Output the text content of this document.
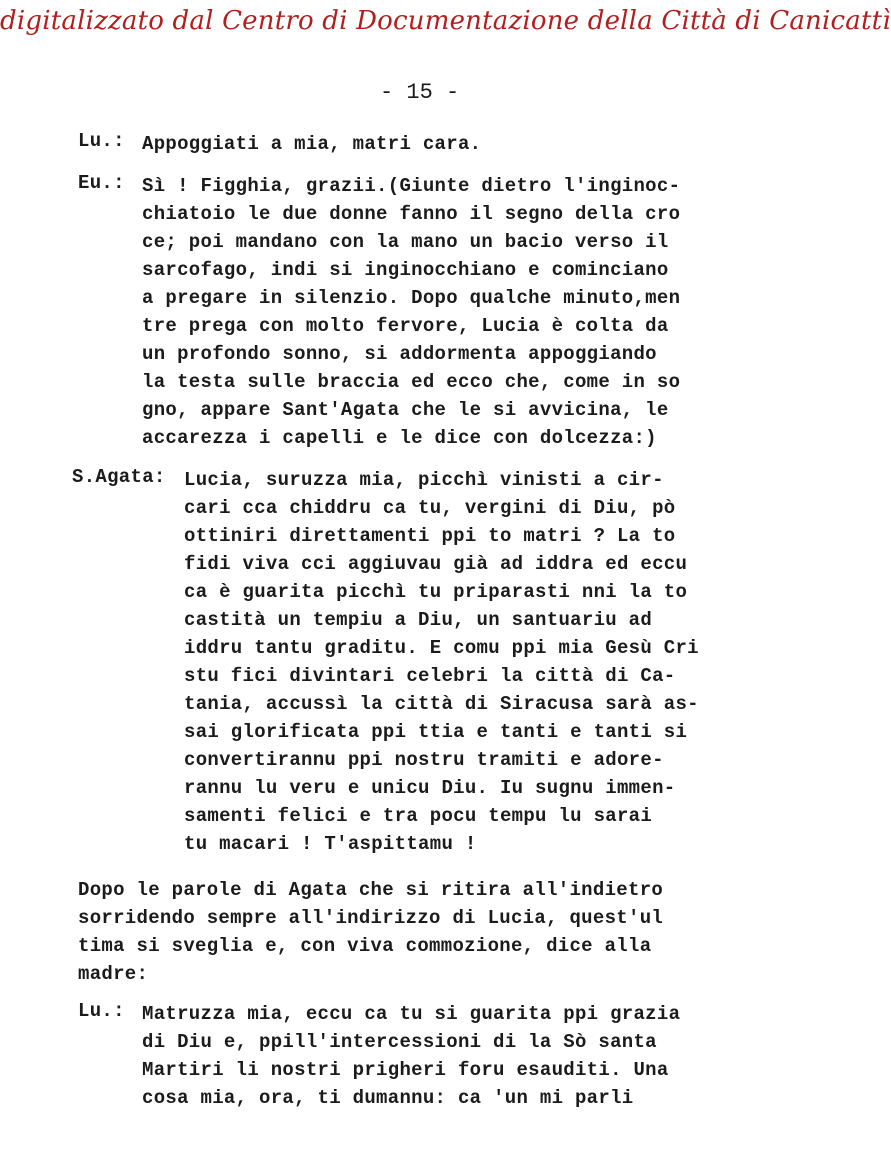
digitalizzato dal Centro di Documentazione della Città di Canicattì
- 15 -
Lu.: Appoggiati a mia, matri cara.
Eu.: Sì ! Figghia, grazii.(Giunte dietro l'inginoc-
chiatoio le due donne fanno il segno della cro
ce; poi mandano con la mano un bacio verso il
sarcofago, indi si inginocchiano e cominciano
a pregare in silenzio. Dopo qualche minuto,men
tre prega con molto fervore, Lucia è colta da
un profondo sonno, si addormenta appoggiando
la testa sulle braccia ed ecco che, come in so
gno, appare Sant'Agata che le si avvicina, le
accarezza i capelli e le dice con dolcezza:)
S.Agata: Lucia, suruzza mia, picchì vinisti a cir-
cari cca chiddru ca tu, vergini di Diu, pò
ottiniri direttamenti ppi to matri ? La to
fidi viva cci aggiuvau già ad iddra ed eccu
ca è guarita picchì tu priparasti nni la to
castità un tempiu a Diu, un santuariu ad
iddru tantu graditu. E comu ppi mia Gesù Cri
stu fici divintari celebri la città di Ca-
tania, accussì la città di Siracusa sarà as-
sai glorificata ppi ttia e tanti e tanti si
convertirannu ppi nostru tramiti e adore-
rannu lu veru e unicu Diu. Iu sugnu immen-
samenti felici e tra pocu tempu lu sarai
tu macari ! T'aspittamu !
Dopo le parole di Agata che si ritira all'indietro
sorridendo sempre all'indirizzo di Lucia, quest'ul
tima si sveglia e, con viva commozione, dice alla
madre:
Lu.: Matruzza mia, eccu ca tu si guarita ppi grazia
di Diu e, ppill'intercessioni di la Sò santa
Martiri li nostri prigheri foru esauditi. Una
cosa mia, ora, ti dumannu: ca 'un mi parli
